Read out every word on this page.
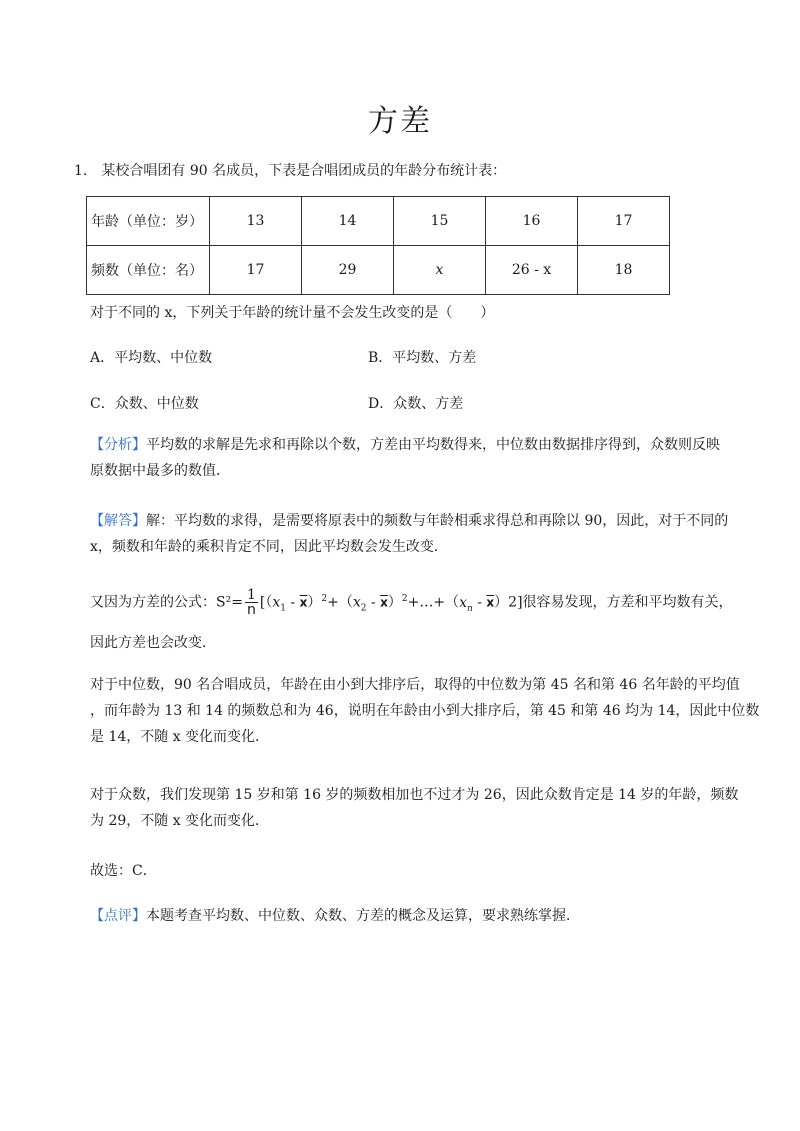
方差
1． 某校合唱团有 90 名成员，下表是合唱团成员的年龄分布统计表：
年龄（单位：岁）	13	14	15	16	17
频数（单位：名）	17	29	x	26 - x	18
对于不同的 x，下列关于年龄的统计量不会发生改变的是（　　）
A．平均数、中位数	B．平均数、方差
C．众数、中位数	D．众数、方差
【分析】平均数的求解是先求和再除以个数，方差由平均数得来，中位数由数据排序得到，众数则反映
原数据中最多的数值．
【解答】解：平均数的求得，是需要将原表中的频数与年龄相乘求得总和再除以 90，因此，对于不同的
x，频数和年龄的乘积肯定不同，因此平均数会发生改变．
又因为方差的公式：$S^2= \frac{1}{n} [(x_1 - \overline{x})^2+(x_2$ - $\overline{x})^2+\dots+(x_n - \overline{x})2$]很容易发现，方差和平均数有关，
因此方差也会改变．
对于中位数，90 名合唱成员，年龄在由小到大排序后，取得的中位数为第 45 名和第 46 名年龄的平均值
，而年龄为 13 和 14 的频数总和为 46，说明在年龄由小到大排序后，第 45 和第 46 均为 14，因此中位数
是 14，不随 x 变化而变化．
对于众数，我们发现第 15 岁和第 16 岁的频数相加也不过才为 26，因此众数肯定是 14 岁的年龄，频数
为 29，不随 x 变化而变化．
故选：C．
【点评】本题考查平均数、中位数、众数、方差的概念及运算，要求熟练掌握．
